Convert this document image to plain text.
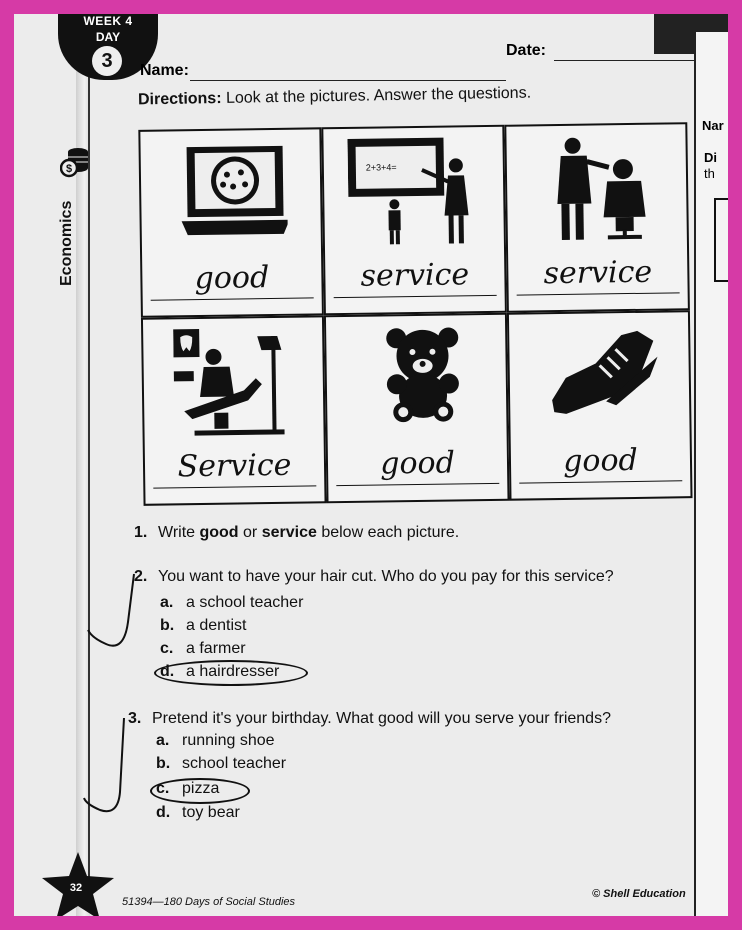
Nar
Di
th
WEEK 4
DAY
3	Name:
Date:
Directions: Look at the pictures. Answer the questions.
$
Economics	good
2+3+4=
service	service
Service	good	good
1. Write good or service below each picture.
2. You want to have your hair cut. Who do you pay for this service?
a. a school teacher
b. a dentist
c. a farmer
d. a hairdresser
3. Pretend it's your birthday. What good will you serve your friends?
a. running shoe
b. school teacher
c. pizza
d. toy bear
32
51394—180 Days of Social Studies
© Shell Education
